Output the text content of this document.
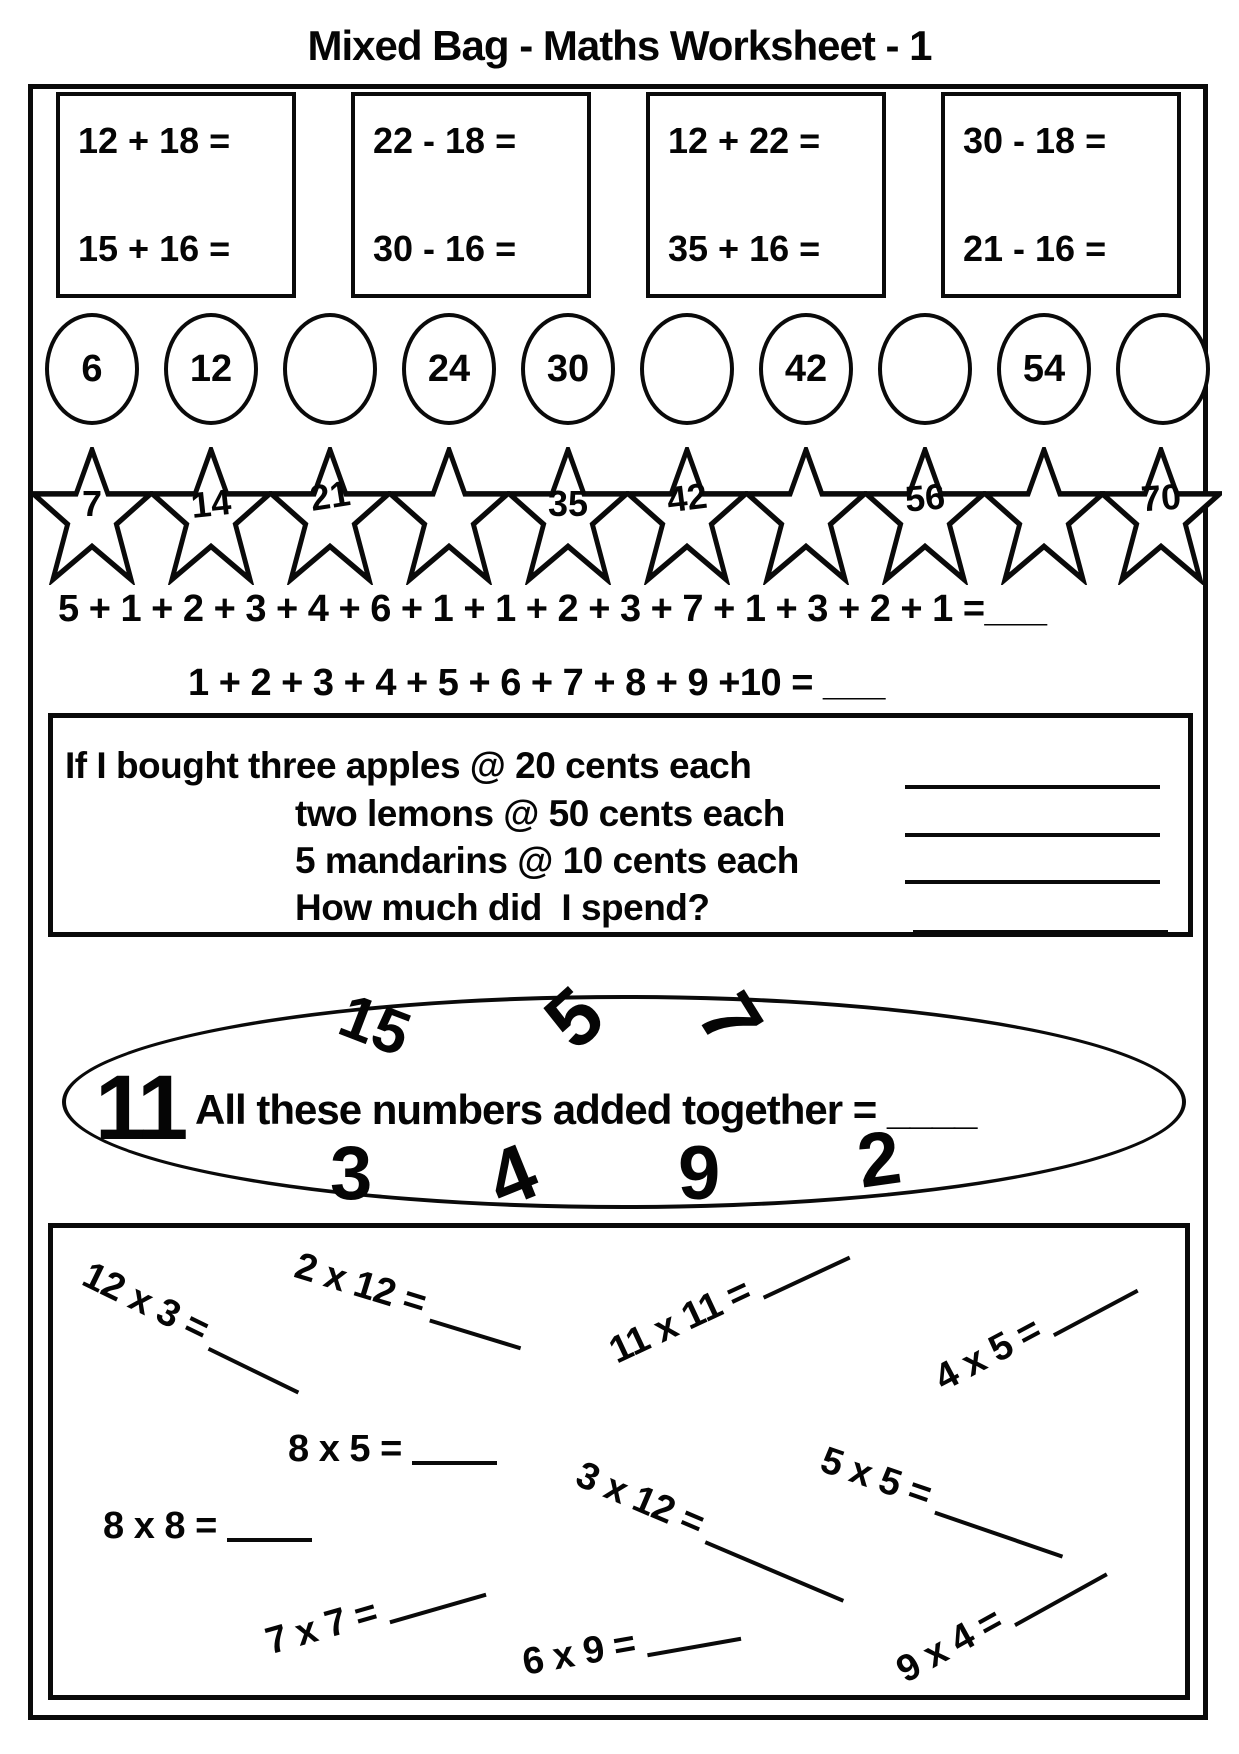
Mixed Bag - Maths Worksheet - 1
12 + 18 =
15 + 16 =
22 - 18 =
30 - 16 =
12 + 22 =
35 + 16 =
30 - 18 =
21 - 16 =
6 12	24 30	42	54
7	14	21	35	42	56	70
5 + 1 + 2 + 3 + 4 + 6 + 1 + 1 + 2 + 3 + 7 + 1 + 3 + 2 + 1 =___
1 + 2 + 3 + 4 + 5 + 6 + 7 + 8 + 9 +10 = ___
If I bought three apples @ 20 cents each
two lemons @ 50 cents each
5 mandarins @ 10 cents each
How much did  I spend?
11
15 5 7
All these numbers added together = ____
3 4 9 2
12 x 3 = 2 x 12 =	11 x 11 =	4 x 5 =
8 x 5 =
3 x 12 =	5 x 5 =
8 x 8 =
7 x 7 =	6 x 9 =	9 x 4 =
